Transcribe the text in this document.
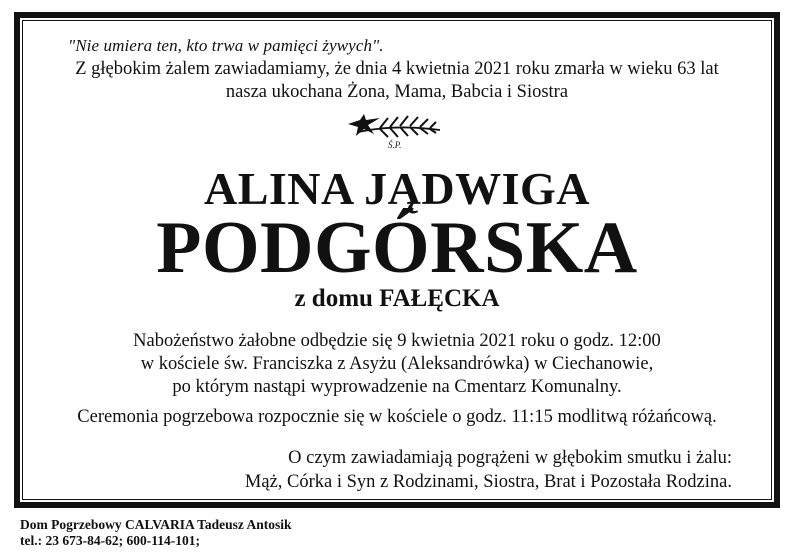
"Nie umiera ten, kto trwa w pamięci żywych".

Z głębokim żalem zawiadamiamy, że dnia 4 kwietnia 2021 roku zmarła w wieku 63 lat
nasza ukochana Żona, Mama, Babcia i Siostra

Ś.P.
ALINA JĄDWIGA
PODGÓRSKA

z domu FAŁĘCKA

Nabożeństwo żałobne odbędzie się 9 kwietnia 2021 roku o godz. 12:00
w kościele św. Franciszka z Asyżu (Aleksandrówka) w Ciechanowie,
po którym nastąpi wyprowadzenie na Cmentarz Komunalny.

Ceremonia pogrzebowa rozpocznie się w kościele o godz. 11:15 modlitwą różańcową.

O czym zawiadamiają pogrążeni w głębokim smutku i żalu:
Mąż, Córka i Syn z Rodzinami, Siostra, Brat i Pozostała Rodzina.

Dom Pogrzebowy CALVARIA Tadeusz Antosik
tel.: 23 673-84-62; 600-114-101;
